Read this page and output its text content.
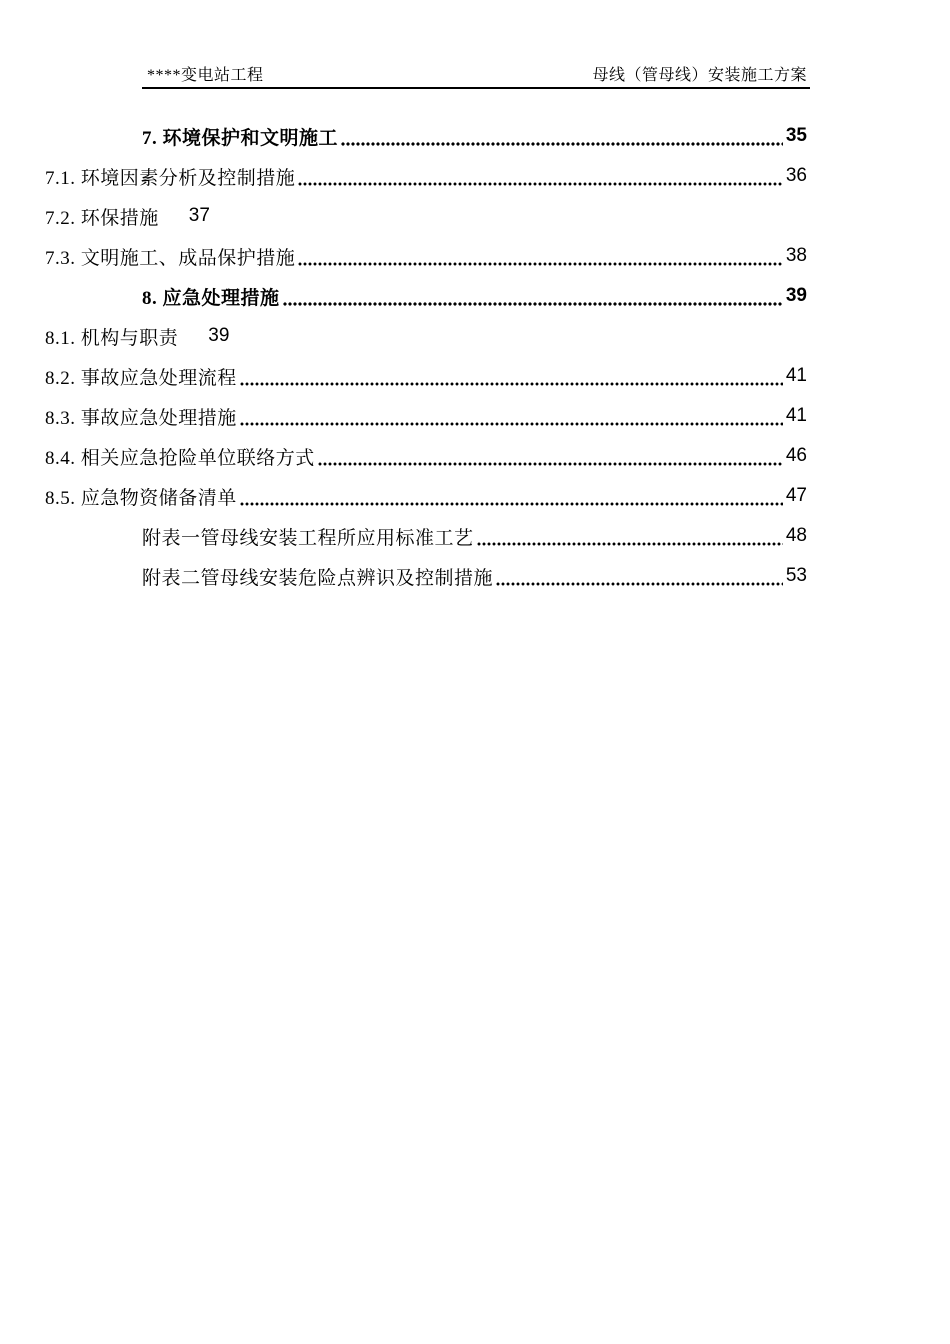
****变电站工程	母线（管母线）安装施工方案
7. 环境保护和文明施工	35
7.1. 环境因素分析及控制措施	36
7.2. 环保措施 37
7.3. 文明施工、成品保护措施	38
8. 应急处理措施	39
8.1. 机构与职责 39
8.2. 事故应急处理流程	41
8.3. 事故应急处理措施	41
8.4. 相关应急抢险单位联络方式	46
8.5. 应急物资储备清单	47
附表一管母线安装工程所应用标准工艺	48
附表二管母线安装危险点辨识及控制措施	53
